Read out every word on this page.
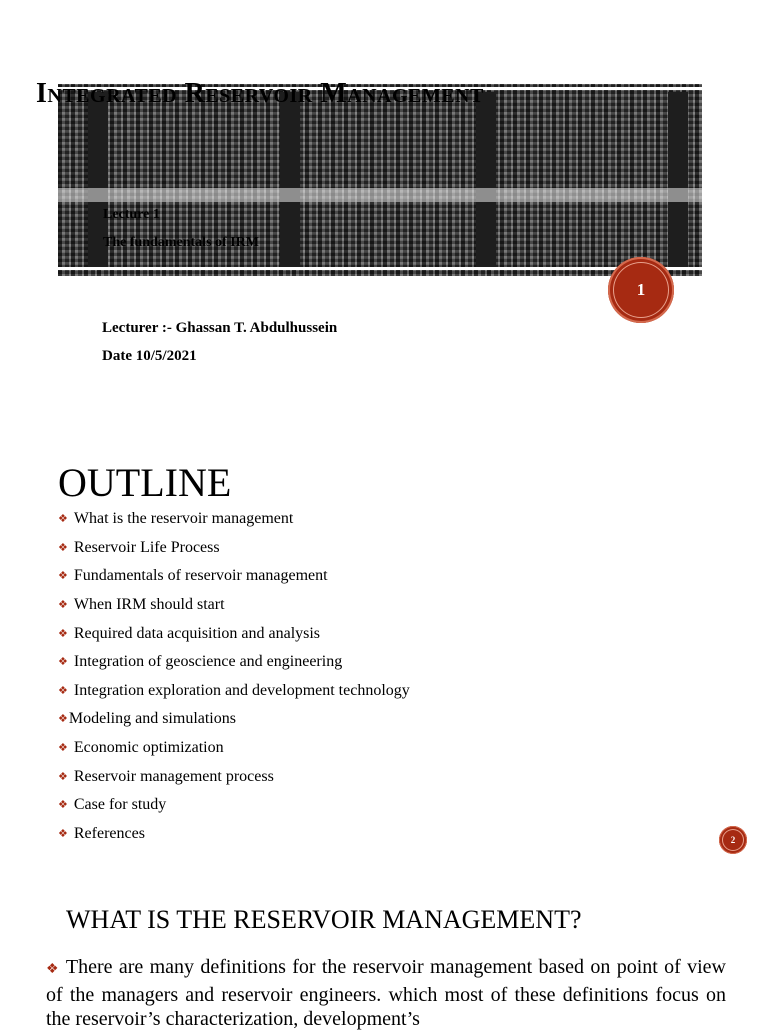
Integrated Reservoir Management
Lecture 1
The fundamentals of IRM
1
Lecturer :- Ghassan T. Abdulhussein
Date 10/5/2021
OUTLINE
❖ What is the reservoir management
❖ Reservoir Life Process
❖ Fundamentals of reservoir management
❖ When IRM should start
❖ Required data acquisition and analysis
❖ Integration of geoscience and engineering
❖ Integration exploration and development technology
❖ Modeling and simulations
❖ Economic optimization
❖ Reservoir management process
❖ Case for study
❖ References	2
WHAT IS THE RESERVOIR MANAGEMENT?

❖ There are many definitions for the reservoir management based on point of view of the managers and reservoir engineers. which most of these definitions focus on the reservoir’s characterization, development’s
